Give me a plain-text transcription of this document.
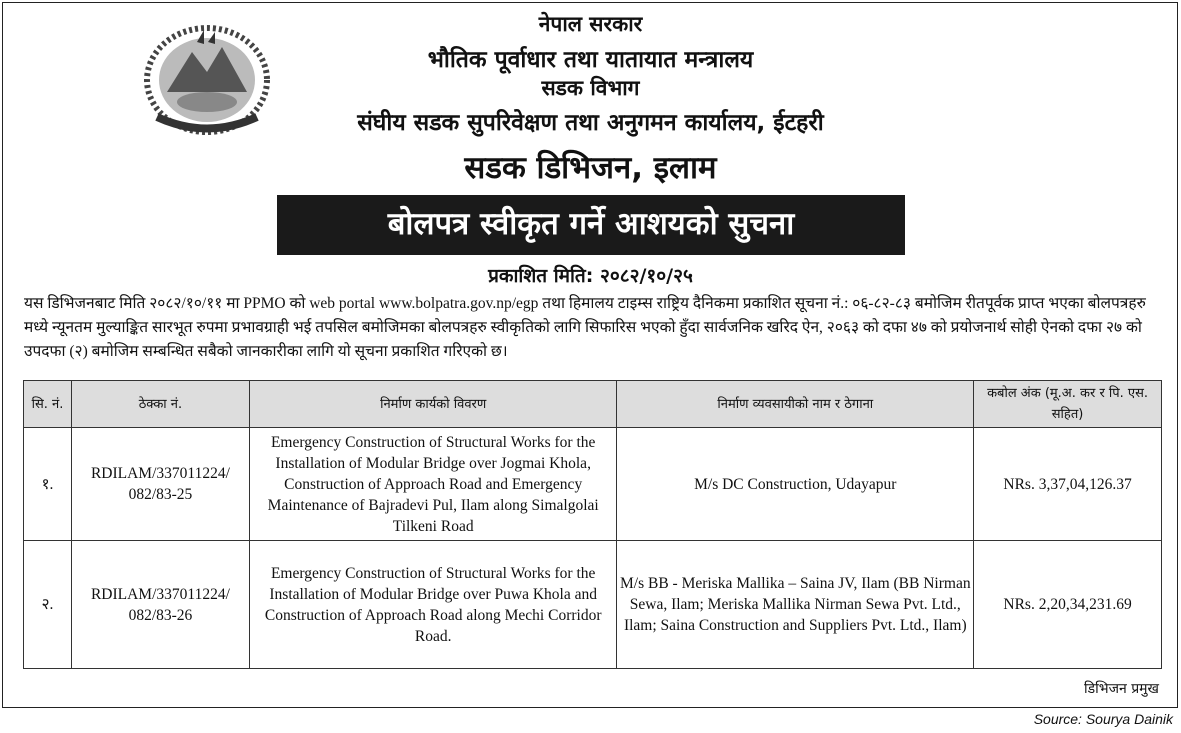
नेपाल सरकार
भौतिक पूर्वाधार तथा यातायात मन्त्रालय
सडक विभाग
संघीय सडक सुपरिवेक्षण तथा अनुगमन कार्यालय, ईटहरी
सडक डिभिजन, इलाम
बोलपत्र स्वीकृत गर्ने आशयको सुचना
प्रकाशित मिति: २०८२/१०/२५
यस डिभिजनबाट मिति २०८२/१०/११ मा PPMO को web portal www.bolpatra.gov.np/egp तथा हिमालय टाइम्स राष्ट्रिय दैनिकमा प्रकाशित सूचना नं.: ०६-८२-८३ बमोजिम रीतपूर्वक प्राप्त भएका बोलपत्रहरु मध्ये न्यूनतम मुल्याङ्कित सारभूत रुपमा प्रभावग्राही भई तपसिल बमोजिमका बोलपत्रहरु स्वीकृतिको लागि सिफारिस भएको हुँदा सार्वजनिक खरिद ऐन, २०६३ को दफा ४७ को प्रयोजनार्थ सोही ऐनको दफा २७ को उपदफा (२) बमोजिम सम्बन्धित सबैको जानकारीका लागि यो सूचना प्रकाशित गरिएको छ।
सि. नं.	ठेक्का नं.	निर्माण कार्यको विवरण	निर्माण व्यवसायीको नाम र ठेगाना	कबोल अंक (मू.अ. कर र पि. एस. सहित)
१.	RDILAM/337011224/ 082/83-25	Emergency Construction of Structural Works for the Installation of Modular Bridge over Jogmai Khola, Construction of Approach Road and Emergency Maintenance of Bajradevi Pul, Ilam along Simalgolai Tilkeni Road	M/s DC Construction, Udayapur	NRs. 3,37,04,126.37
२.	RDILAM/337011224/ 082/83-26	Emergency Construction of Structural Works for the Installation of Modular Bridge over Puwa Khola and Construction of Approach Road along Mechi Corridor Road.	M/s BB - Meriska Mallika – Saina JV, Ilam (BB Nirman Sewa, Ilam; Meriska Mallika Nirman Sewa Pvt. Ltd., Ilam; Saina Construction and Suppliers Pvt. Ltd., Ilam)	NRs. 2,20,34,231.69
डिभिजन प्रमुख
Source: Sourya Dainik
